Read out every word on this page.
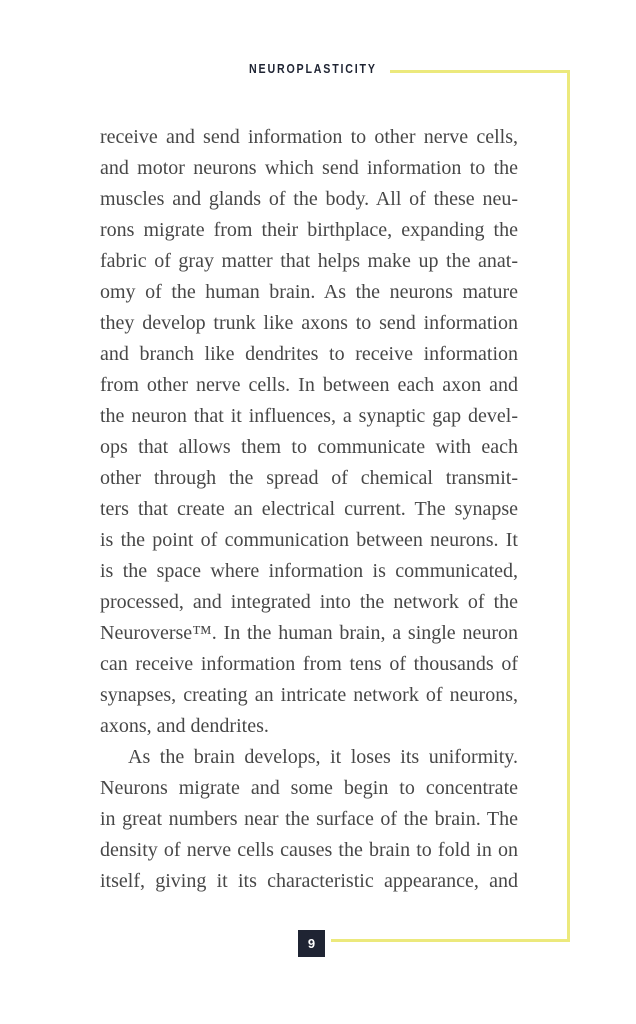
NEUROPLASTICITY
receive and send information to other nerve cells,
and motor neurons which send information to the
muscles and glands of the body. All of these neu-
rons migrate from their birthplace, expanding the
fabric of gray matter that helps make up the anat-
omy of the human brain. As the neurons mature
they develop trunk like axons to send information
and branch like dendrites to receive information
from other nerve cells. In between each axon and
the neuron that it influences, a synaptic gap devel-
ops that allows them to communicate with each
other through the spread of chemical transmit-
ters that create an electrical current. The synapse
is the point of communication between neurons. It
is the space where information is communicated,
processed, and integrated into the network of the
Neuroverse™. In the human brain, a single neuron
can receive information from tens of thousands of
synapses, creating an intricate network of neurons,
axons, and dendrites.
As the brain develops, it loses its uniformity.
Neurons migrate and some begin to concentrate
in great numbers near the surface of the brain. The
density of nerve cells causes the brain to fold in on
itself, giving it its characteristic appearance, and
9
